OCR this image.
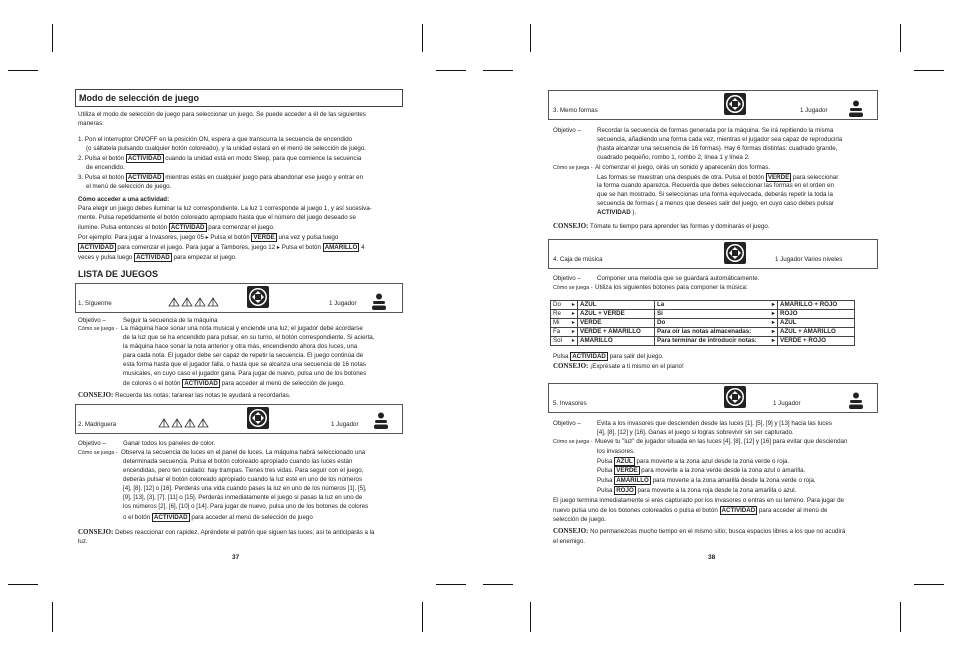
Modo de selección de juego
Utiliza el modo de selección de juego para seleccionar un juego. Se puede acceder a él de las siguientes
maneras:
1. Pon el interruptor ON/OFF en la posición ON, espera a que transcurra la secuencia de encendido
(o sáltatela pulsando cualquier botón coloreado), y la unidad estará en el menú de selección de juego.
2. Pulsa el botón ACTIVIDAD cuando la unidad está en modo Sleep, para que comience la secuencia
de encendido.
3. Pulsa el botón ACTIVIDAD mientras estás en cualquier juego para abandonar ese juego y entrar en
el menú de selección de juego.
Cómo acceder a una actividad:
Para elegir un juego debes iluminar la luz correspondiente. La luz 1 corresponde al juego 1, y así sucesiva-
mente. Pulsa repetidamente el botón coloreado apropiado hasta que el número del juego deseado se
ilumine. Pulsa entonces el botón ACTIVIDAD para comenzar el juego.
Por ejemplo: Para jugar a Invasores, juego 05 ▸ Pulsa el botón VERDE una vez y pulsa luego
ACTIVIDAD para comenzar el juego. Para jugar a Tambores, juego 12 ▸ Pulsa el botón AMARILLO 4
veces y pulsa luego ACTIVIDAD para empezar el juego.
LISTA DE JUEGOS
1. Síguerme	1 Jugador
Objetivo –	Seguir la secuencia de la máquina
Cómo se juega - La máquina hace sonar una nota musical y enciende una luz; el jugador debe acordarse
de la luz que se ha encendido para pulsar, en su turno, el botón correspondiente. Si acierta,
la máquina hace sonar la nota anterior y otra más, encendiendo ahora dos luces, una
para cada nota. El jugador debe ser capaz de repetir la secuencia. El juego continúa de
esta forma hasta que el jugador falla, o hasta que se alcanza una secuencia de 16 notas
musicales, en cuyo caso el jugador gana. Para jugar de nuevo, pulsa uno de los botones
de colores o el botón ACTIVIDAD para acceder al menú de selección de juego.
CONSEJO: Recuerda las notas; tararear las notas te ayudará a recordarlas.
2. Madriguera	1 Jugador
Objetivo –	Ganar todos los paneles de color.
Cómo se juega - Observa la secuencia de luces en el panel de luces. La máquina habrá seleccionado una
determinada secuencia. Pulsa el botón coloreado apropiado cuando las luces están
encendidas, pero ten cuidado: hay trampas. Tienes tres vidas. Para seguir con el juego,
deberás pulsar el botón coloreado apropiado cuando la luz esté en uno de los números
[4], [8], [12] o [16]. Perderás una vida cuando pases la luz en uno de los números [1], [5],
[9], [13], [3], [7], [11] o [15]. Perderás inmediatamente el juego si pasas la luz en uno de
los números [2], [6], [10] o [14]. Para jugar de nuevo, pulsa uno de los botones de colores
o el botón ACTIVIDAD para acceder al menú de selección de juego
CONSEJO: Debes reaccionar con rapidez. Apréndete el patrón que siguen las luces; así te anticiparás a la
luz.
37
3. Memo formas	1 Jugador
Objetivo –	Recordar la secuencia de formas generada por la máquina. Se irá repitiendo la misma
secuencia, añadiendo una forma cada vez, mientras el jugador sea capaz de reproducirla
(hasta alcanzar una secuencia de 16 formas). Hay 6 formas distintas: cuadrado grande,
cuadrado pequeño, rombo 1, rombo 2, línea 1 y línea 2.
Cómo se juega - Al comenzar el juego, oirás un sonido y aparecerán dos formas.
Las formas se muestran una después de otra. Pulsa el botón VERDE para seleccionar
la forma cuando aparezca. Recuerda que debes seleccionar las formas en el orden en
que se han mostrado. Si seleccionas una forma equivocada, deberás repetir la toda la
secuencia de formas ( a menos que desees salir del juego, en cuyo caso debes pulsar
ACTIVIDAD ).
CONSEJO: Tómate tu tiempo para aprender las formas y dominarás el juego.
4. Caja de música	1 Jugador Varios niveles
Objetivo –	Componer una melodía que se guardará automáticamente.
Cómo se juega - Utiliza los siguientes botones para componer la música:
Do ▸	AZUL	La ▸	AMARILLO + ROJO
Re ▸	AZUL + VERDE	Si ▸	ROJO
Mi ▸	VERDE	Do ▸	AZUL
Fa ▸	VERDE + AMARILLO	Para oír las notas almacenadas: ▸	AZUL + AMARILLO
Sol ▸	AMARILLO	Para terminar de introducir notas: ▸	VERDE + ROJO
Pulsa ACTIVIDAD para salir del juego.
CONSEJO: ¡Exprésate a ti mismo en el piano!
5. Invasores	1 Jugador
Objetivo –	Evita a los invasores que descienden desde las luces [1], [5], [9] y [13] hacia las luces
[4], [8], [12] y [16]. Ganas el juego si logras sobrevivir sin ser capturado.
Cómo se juega - Mueve tu "luz" de jugador situada en las luces [4], [8], [12] y [16] para evitar que desciendan
los invasores.
Pulsa AZUL para moverte a la zona azul desde la zona verde o roja.
Pulsa VERDE para moverte a la zona verde desde la zona azul o amarilla.
Pulsa AMARILLO para moverte a la zona amarilla desde la zona verde o roja.
Pulsa ROJO para moverte a la zona roja desde la zona amarilla o azul.
El juego termina inmediatamente si eres capturado por los invasores o entras en su terreno. Para jugar de
nuevo pulsa uno de los botones coloreados o pulsa el botón ACTIVIDAD para acceder al menú de
selección de juego.
CONSEJO: No permanezcas mucho tiempo en el mismo sitio; busca espacios libres a los que no acudirá
el enemigo.
38
